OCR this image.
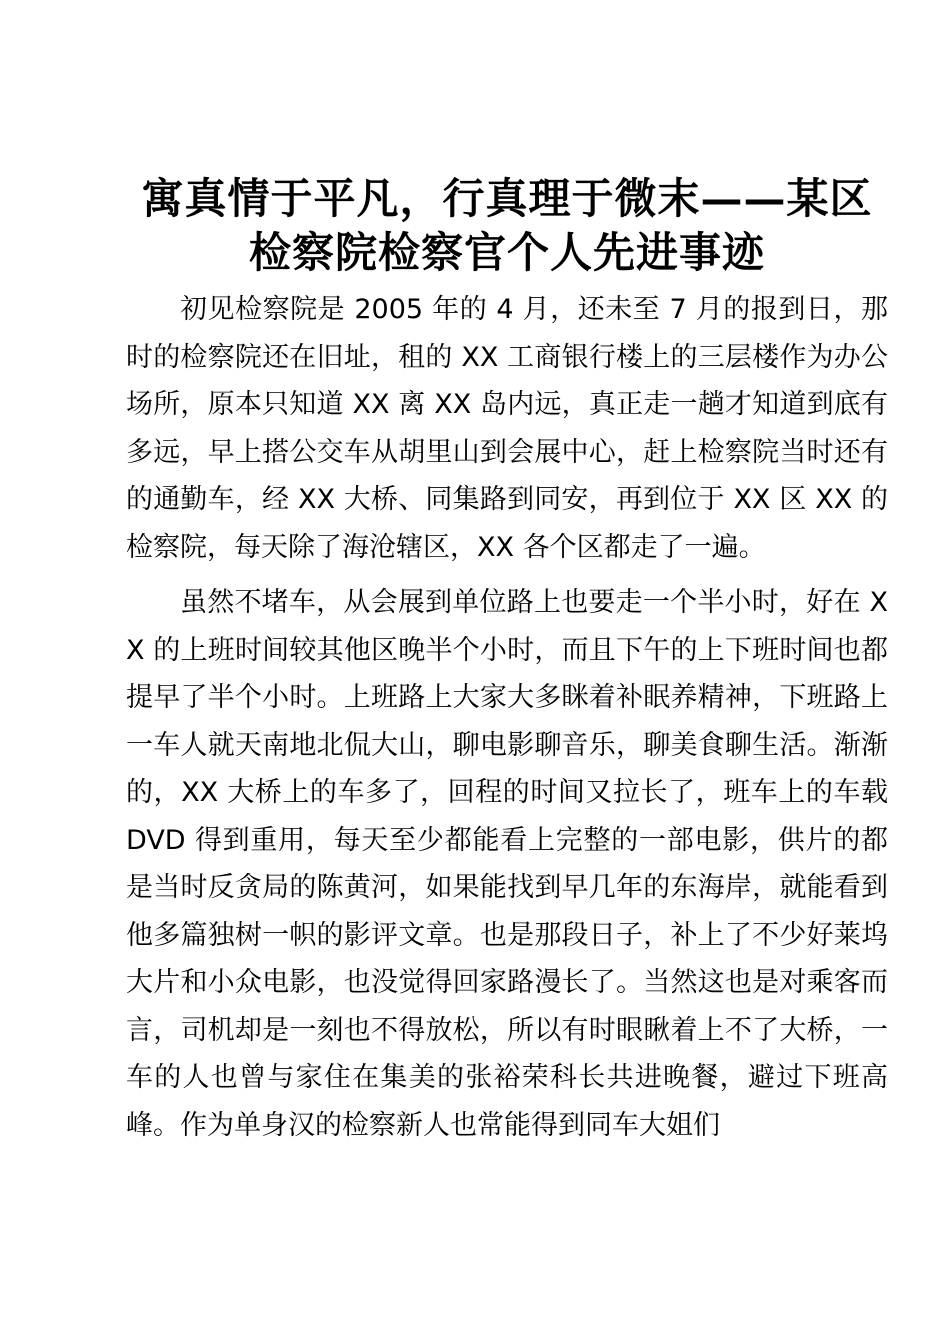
寓真情于平凡，行真理于微末——某区检察院检察官个人先进事迹

初见检察院是 2005 年的 4 月，还未至 7 月的报到日，那时的检察院还在旧址，租的 XX 工商银行楼上的三层楼作为办公场所，原本只知道 XX 离 XX 岛内远，真正走一趟才知道到底有多远，早上搭公交车从胡里山到会展中心，赶上检察院当时还有的通勤车，经 XX 大桥、同集路到同安，再到位于 XX 区 XX 的检察院，每天除了海沧辖区，XX 各个区都走了一遍。

虽然不堵车，从会展到单位路上也要走一个半小时，好在 XX 的上班时间较其他区晚半个小时，而且下午的上下班时间也都提早了半个小时。上班路上大家大多眯着补眠养精神，下班路上一车人就天南地北侃大山，聊电影聊音乐，聊美食聊生活。渐渐的，XX 大桥上的车多了，回程的时间又拉长了，班车上的车载 DVD 得到重用，每天至少都能看上完整的一部电影，供片的都是当时反贪局的陈黄河，如果能找到早几年的东海岸，就能看到他多篇独树一帜的影评文章。也是那段日子，补上了不少好莱坞大片和小众电影，也没觉得回家路漫长了。当然这也是对乘客而言，司机却是一刻也不得放松，所以有时眼瞅着上不了大桥，一车的人也曾与家住在集美的张裕荣科长共进晚餐，避过下班高峰。作为单身汉的检察新人也常能得到同车大姐们
